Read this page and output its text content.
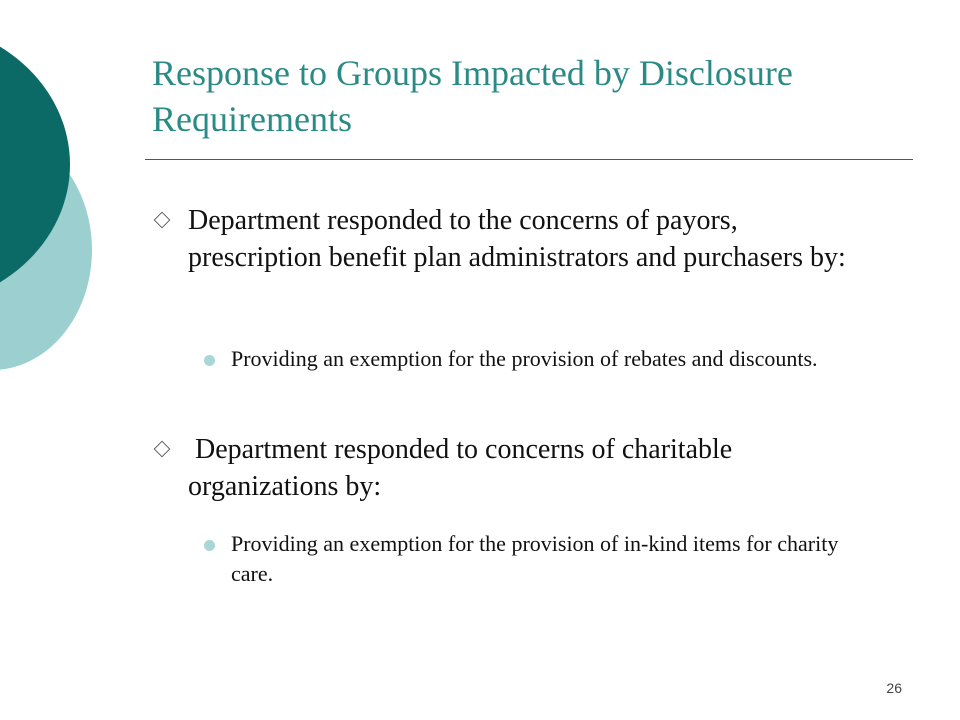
Response to Groups Impacted by Disclosure Requirements
Department responded to the concerns of payors, prescription benefit plan administrators and purchasers by:
Providing an exemption for the provision of rebates and discounts.
Department responded to concerns of charitable organizations by:
Providing an exemption for the provision of in-kind items for charity care.
26
